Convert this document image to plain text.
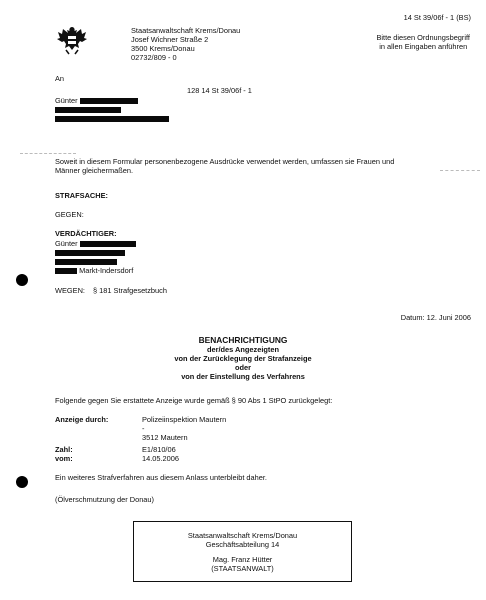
Staatsanwaltschaft Krems/Donau
Josef Wichner Straße 2
3500 Krems/Donau
02732/809 - 0
14 St 39/06f - 1 (BS)
Bitte diesen Ordnungsbegriff
in allen Eingaben anführen
An
128 14 St 39/06f - 1
Günter
Soweit in diesem Formular personenbezogene Ausdrücke verwendet werden, umfassen sie Frauen und
Männer gleichermaßen.
STRAFSACHE:
GEGEN:
VERDÄCHTIGER:
Günter
Markt-Indersdorf
WEGEN: § 181 Strafgesetzbuch
Datum: 12. Juni 2006
BENACHRICHTIGUNG
der/des Angezeigten
von der Zurücklegung der Strafanzeige
oder
von der Einstellung des Verfahrens
Folgende gegen Sie erstattete Anzeige wurde gemäß § 90 Abs 1 StPO zurückgelegt:
Anzeige durch:	Polizeiinspektion Mautern
-
3512 Mautern
Zahl:	E1/810/06
vom:	14.05.2006
Ein weiteres Strafverfahren aus diesem Anlass unterbleibt daher.
(Ölverschmutzung der Donau)
Staatsanwaltschaft Krems/Donau
Geschäftsabteilung 14
Mag. Franz Hütter
(STAATSANWALT)
